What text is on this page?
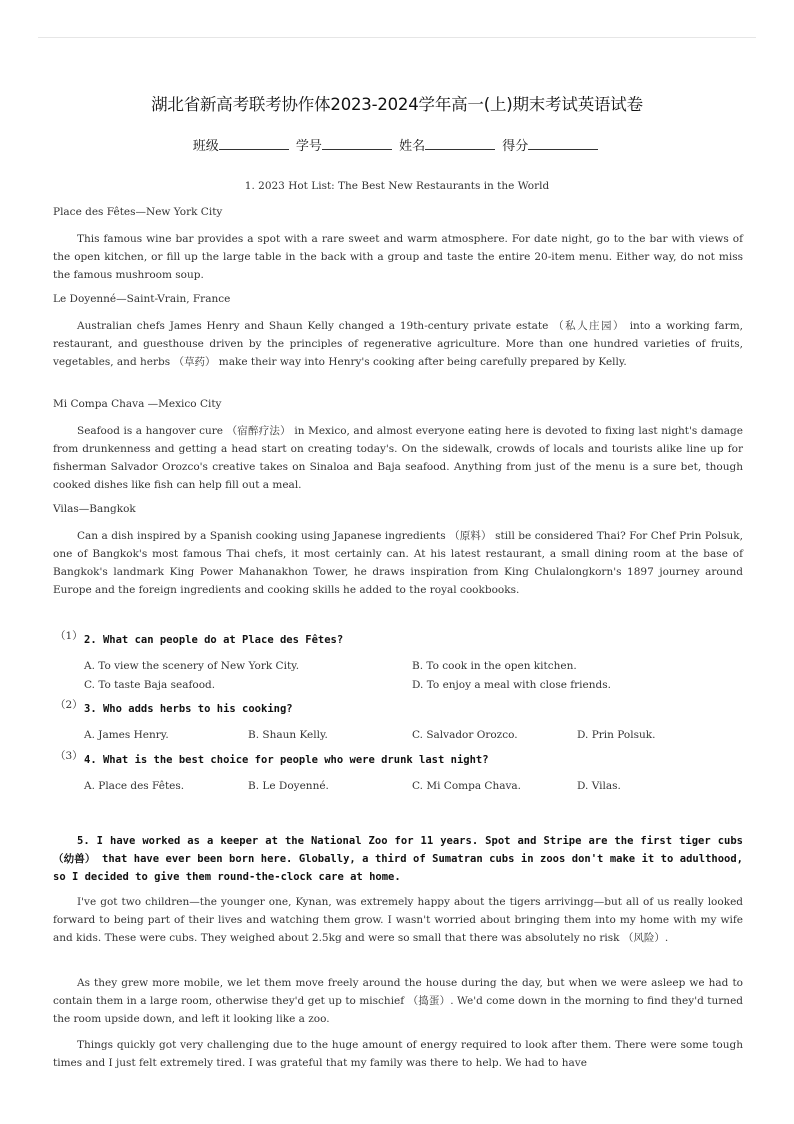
湖北省新高考联考协作体2023-2024学年高一(上)期末考试英语试卷
班级	学号	姓名	得分
1. 2023 Hot List: The Best New Restaurants in the World
Place des Fêtes—New York City

This famous wine bar provides a spot with a rare sweet and warm atmosphere. For date night, go to the bar with views of the open kitchen, or fill up the large table in the back with a group and taste the entire 20-item menu. Either way, do not miss the famous mushroom soup.

Le Doyenné—Saint-Vrain, France

Australian chefs James Henry and Shaun Kelly changed a 19th-century private estate （私人庄园） into a working farm, restaurant, and guesthouse driven by the principles of regenerative agriculture. More than one hundred varieties of fruits, vegetables, and herbs （草药） make their way into Henry's cooking after being carefully prepared by Kelly.

Mi Compa Chava —Mexico City

Seafood is a hangover cure （宿醉疗法） in Mexico, and almost everyone eating here is devoted to fixing last night's damage from drunkenness and getting a head start on creating today's. On the sidewalk, crowds of locals and tourists alike line up for fisherman Salvador Orozco's creative takes on Sinaloa and Baja seafood. Anything from just of the menu is a sure bet, though cooked dishes like fish can help fill out a meal.

Vilas—Bangkok

Can a dish inspired by a Spanish cooking using Japanese ingredients （原料） still be considered Thai? For Chef Prin Polsuk, one of Bangkok's most famous Thai chefs, it most certainly can. At his latest restaurant, a small dining room at the base of Bangkok's landmark King Power Mahanakhon Tower, he draws inspiration from King Chulalongkorn's 1897 journey around Europe and the foreign ingredients and cooking skills he added to the royal cookbooks.

（1） 2. What can people do at Place des Fêtes?
A. To view the scenery of New York City.	B. To cook in the open kitchen.
C. To taste Baja seafood.	D. To enjoy a meal with close friends.
（2） 3. Who adds herbs to his cooking?
A. James Henry.	B. Shaun Kelly.	C. Salvador Orozco.	D. Prin Polsuk.
（3） 4. What is the best choice for people who were drunk last night?
A. Place des Fêtes.	B. Le Doyenné.	C. Mi Compa Chava.	D. Vilas.

5. I have worked as a keeper at the National Zoo for 11 years. Spot and Stripe are the first tiger cubs （幼兽） that have ever been born here. Globally, a third of Sumatran cubs in zoos don't make it to adulthood, so I decided to give them round-the-clock care at home.

I've got two children—the younger one, Kynan, was extremely happy about the tigers arrivingg—but all of us really looked forward to being part of their lives and watching them grow. I wasn't worried about bringing them into my home with my wife and kids. These were cubs. They weighed about 2.5kg and were so small that there was absolutely no risk （风险）.

As they grew more mobile, we let them move freely around the house during the day, but when we were asleep we had to contain them in a large room, otherwise they'd get up to mischief （捣蛋）. We'd come down in the morning to find they'd turned the room upside down, and left it looking like a zoo.

Things quickly got very challenging due to the huge amount of energy required to look after them. There were some tough times and I just felt extremely tired. I was grateful that my family was there to help. We had to have
